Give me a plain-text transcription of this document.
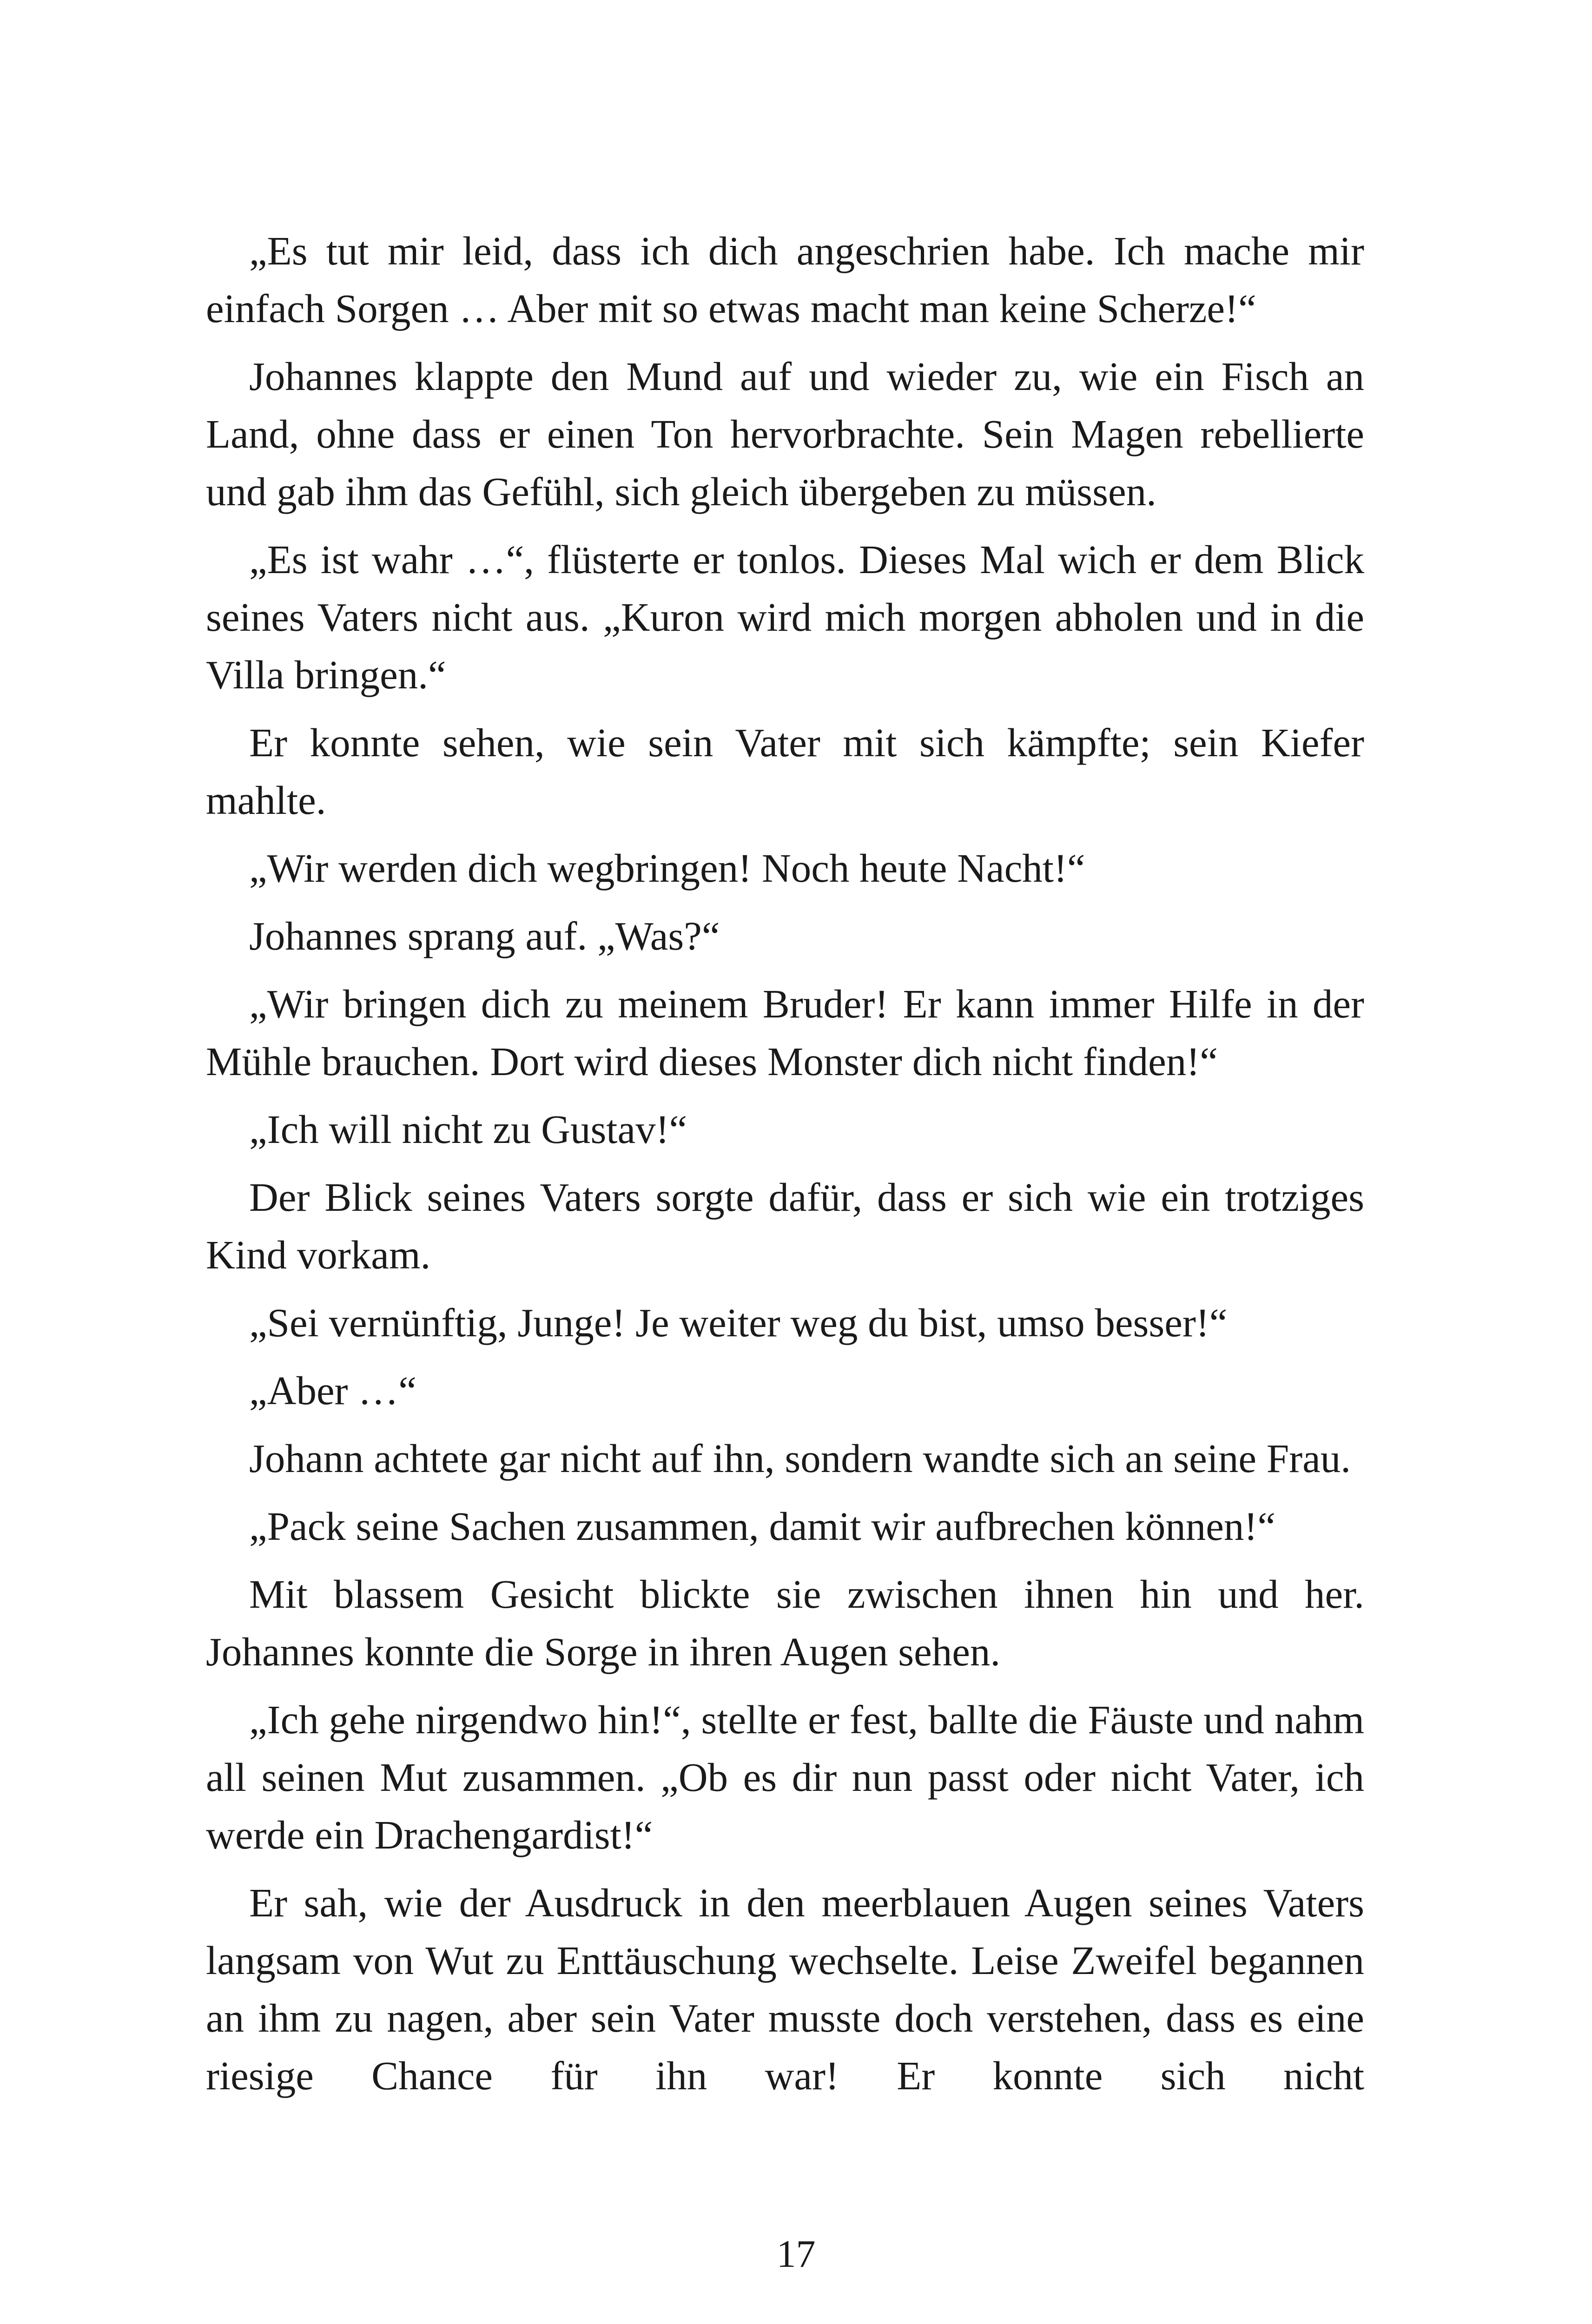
„Es tut mir leid, dass ich dich angeschrien habe. Ich mache mir einfach Sorgen … Aber mit so etwas macht man keine Scherze!“

Johannes klappte den Mund auf und wieder zu, wie ein Fisch an Land, ohne dass er einen Ton hervorbrachte. Sein Magen rebellierte und gab ihm das Gefühl, sich gleich übergeben zu müssen.

„Es ist wahr …“, flüsterte er tonlos. Dieses Mal wich er dem Blick seines Vaters nicht aus. „Kuron wird mich morgen abholen und in die Villa bringen.“

Er konnte sehen, wie sein Vater mit sich kämpfte; sein Kiefer mahlte.

„Wir werden dich wegbringen! Noch heute Nacht!“

Johannes sprang auf. „Was?“

„Wir bringen dich zu meinem Bruder! Er kann immer Hilfe in der Mühle brauchen. Dort wird dieses Monster dich nicht finden!“

„Ich will nicht zu Gustav!“

Der Blick seines Vaters sorgte dafür, dass er sich wie ein trotziges Kind vorkam.

„Sei vernünftig, Junge! Je weiter weg du bist, umso besser!“

„Aber …“

Johann achtete gar nicht auf ihn, sondern wandte sich an seine Frau.

„Pack seine Sachen zusammen, damit wir aufbrechen können!“

Mit blassem Gesicht blickte sie zwischen ihnen hin und her. Johannes konnte die Sorge in ihren Augen sehen.

„Ich gehe nirgendwo hin!“, stellte er fest, ballte die Fäuste und nahm all seinen Mut zusammen. „Ob es dir nun passt oder nicht Vater, ich werde ein Drachengardist!“

Er sah, wie der Ausdruck in den meerblauen Augen seines Vaters langsam von Wut zu Enttäuschung wechselte. Leise Zweifel begannen an ihm zu nagen, aber sein Vater musste doch verstehen, dass es eine riesige Chance für ihn war! Er konnte sich nicht

17
